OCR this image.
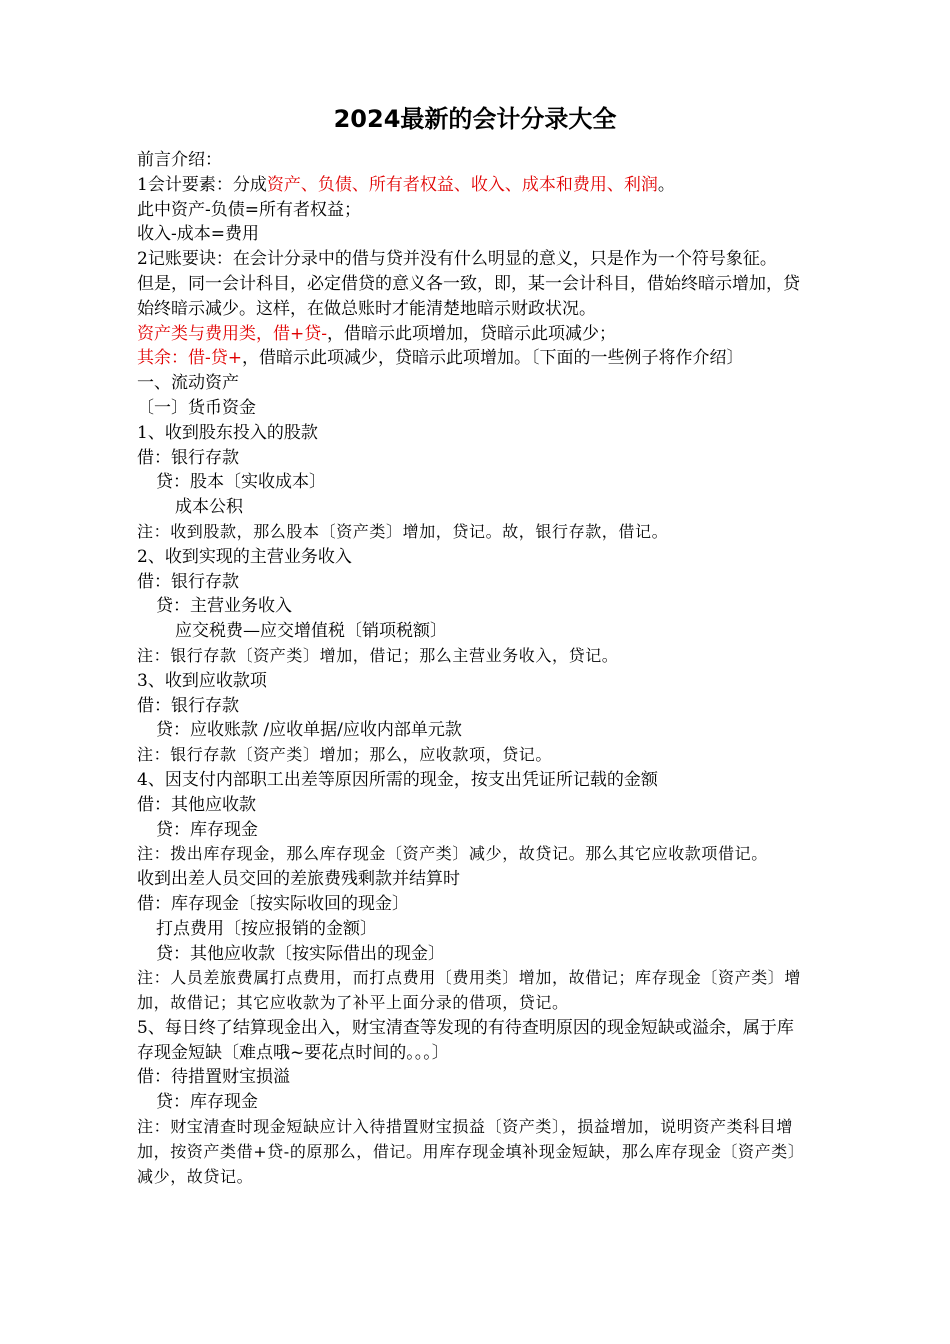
2024最新的会计分录大全

前言介绍：

1会计要素：分成资产、负债、所有者权益、收入、成本和费用、利润。

此中资产-负债=所有者权益；

收入-成本=费用

2记账要诀：在会计分录中的借与贷并没有什么明显的意义，只是作为一个符号象征。

但是，同一会计科目，必定借贷的意义各一致，即，某一会计科目，借始终暗示增加，贷始终暗示减少。这样，在做总账时才能清楚地暗示财政状况。

资产类与费用类，借+贷-，借暗示此项增加，贷暗示此项减少；

其余：借-贷+，借暗示此项减少，贷暗示此项增加。〔下面的一些例子将作介绍〕

一、流动资产

〔一〕货币资金

1、收到股东投入的股款

借：银行存款

贷：股本〔实收成本〕

成本公积

注：收到股款，那么股本〔资产类〕增加，贷记。故，银行存款，借记。

2、收到实现的主营业务收入

借：银行存款

贷：主营业务收入

应交税费—应交增值税〔销项税额〕

注：银行存款〔资产类〕增加，借记；那么主营业务收入，贷记。

3、收到应收款项

借：银行存款

贷：应收账款 /应收单据/应收内部单元款

注：银行存款〔资产类〕增加；那么，应收款项，贷记。

4、因支付内部职工出差等原因所需的现金，按支出凭证所记载的金额

借：其他应收款

贷：库存现金

注：拨出库存现金，那么库存现金〔资产类〕减少，故贷记。那么其它应收款项借记。

收到出差人员交回的差旅费残剩款并结算时

借：库存现金〔按实际收回的现金〕

打点费用〔按应报销的金额〕

贷：其他应收款〔按实际借出的现金〕

注：人员差旅费属打点费用，而打点费用〔费用类〕增加，故借记；库存现金〔资产类〕增加，故借记；其它应收款为了补平上面分录的借项，贷记。

5、每日终了结算现金出入，财宝清查等发现的有待查明原因的现金短缺或溢余，属于库存现金短缺〔难点哦~要花点时间的。。。〕

借：待措置财宝损溢

贷：库存现金

注：财宝清查时现金短缺应计入待措置财宝损益〔资产类〕，损益增加，说明资产类科目增加，按资产类借+贷-的原那么，借记。用库存现金填补现金短缺，那么库存现金〔资产类〕减少，故贷记。
